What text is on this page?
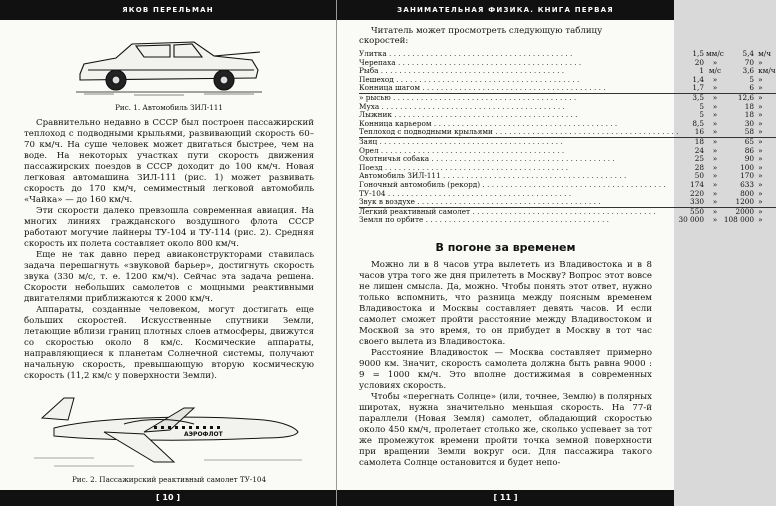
ЯКОВ ПЕРЕЛЬМАН
Рис. 1. Автомобиль ЗИЛ-111

Сравнительно недавно в СССР был построен пассажирский теплоход с подводными крыльями, развивающий скорость 60–70 км/ч. На суше человек может двигаться быстрее, чем на воде. На некоторых участках пути скорость движения пассажирских поездов в СССР доходит до 100 км/ч. Новая легковая автомашина ЗИЛ-111 (рис. 1) может развивать скорость до 170 км/ч, семиместный легковой автомобиль «Чайка» — до 160 км/ч.

Эти скорости далеко превзошла современная авиация. На многих линиях гражданского воздушного флота СССР работают могучие лайнеры ТУ-104 и ТУ-114 (рис. 2). Средняя скорость их полета составляет около 800 км/ч.

Еще не так давно перед авиаконструкторами ставилась задача перешагнуть «звуковой барьер», достигнуть скорость звука (330 м/с, т. е. 1200 км/ч). Сейчас эта задача решена. Скорости небольших самолетов с мощными реактивными двигателями приближаются к 2000 км/ч.

Аппараты, созданные человеком, могут достигать еще больших скоростей. Искусственные спутники Земли, летающие вблизи границ плотных слоев атмосферы, движутся со скоростью около 8 км/с. Космические аппараты, направляющиеся к планетам Солнечной системы, получают начальную скорость, превышающую вторую космическую скорость (11,2 км/с у поверхности Земли).

АЭРОФЛОТ
Рис. 2. Пассажирский реактивный самолет ТУ-104
[ 10 ]
ЗАНИМАТЕЛЬНАЯ ФИЗИКА. КНИГА ПЕРВАЯ

Читатель может просмотреть следующую таблицу скоростей:

Улитка . . .	1,5	мм/с	5,4	м/ч
Черепаха . . .	20	»	70	»
Рыба . . .	1	м/с	3,6	км/ч
Пешеход . . .	1,4	»	5	»
Конница шагом . . .	1,7	»	6	»
» рысью . . .	3,5	»	12,6	»
Муха . . .	5	»	18	»
Лыжник . . .	5	»	18	»
Конница карьером . . .	8,5	»	30	»
Теплоход с подводными крыльями . . .	16	»	58	»
Заяц . . .	18	»	65	»
Орел . . .	24	»	86	»
Охотничья собака . . .	25	»	90	»
Поезд . . .	28	»	100	»
Автомобиль ЗИЛ-111 . . .	50	»	170	»
Гоночный автомобиль (рекорд) . . .	174	»	633	»
ТУ-104 . . .	220	»	800	»
Звук в воздухе . . .	330	»	1200	»
Легкий реактивный самолет . . .	550	»	2000	»
Земля по орбите . . .	30 000	»	108 000	»
В погоне за временем

Можно ли в 8 часов утра вылететь из Владивостока и в 8 часов утра того же дня прилететь в Москву? Вопрос этот вовсе не лишен смысла. Да, можно. Чтобы понять этот ответ, нужно только вспомнить, что разница между поясным временем Владивостока и Москвы составляет девять часов. И если самолет сможет пройти расстояние между Владивостоком и Москвой за это время, то он прибудет в Москву в тот час своего вылета из Владивостока.

Расстояние Владивосток — Москва составляет примерно 9000 км. Значит, скорость самолета должна быть равна 9000 : 9 = 1000 км/ч. Это вполне достижимая в современных условиях скорость.

Чтобы «перегнать Солнце» (или, точнее, Землю) в полярных широтах, нужна значительно меньшая скорость. На 77-й параллели (Новая Земля) самолет, обладающий скоростью около 450 км/ч, пролетает столько же, сколько успевает за тот же промежуток времени пройти точка земной поверхности при вращении Земли вокруг оси. Для пассажира такого самолета Солнце остановится и будет непо-

[ 11 ]
